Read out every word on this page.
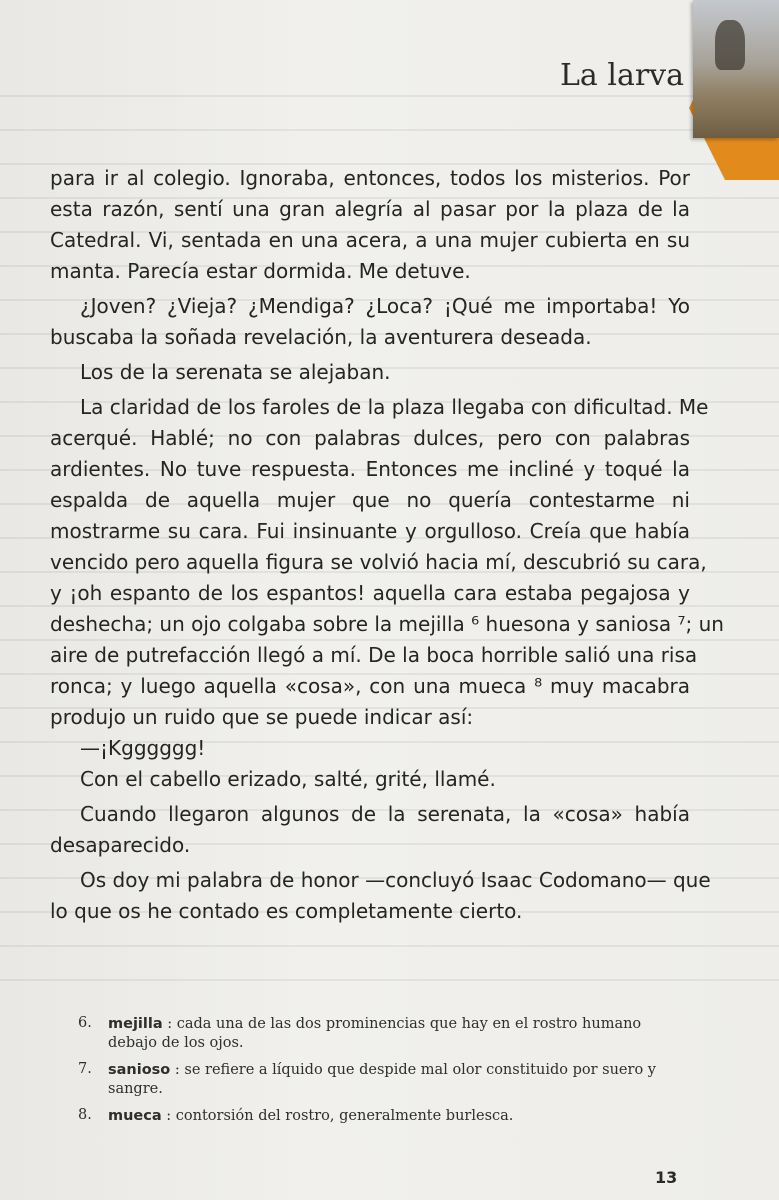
La larva
para ir al colegio. Ignoraba, entonces, todos los misterios. Por
esta razón, sentí una gran alegría al pasar por la plaza de la
Catedral. Vi, sentada en una acera, a una mujer cubierta en su
manta. Parecía estar dormida. Me detuve.
¿Joven? ¿Vieja? ¿Mendiga? ¿Loca? ¡Qué me importaba! Yo
buscaba la soñada revelación, la aventurera deseada.
Los de la serenata se alejaban.
La claridad de los faroles de la plaza llegaba con dificultad. Me
acerqué. Hablé; no con palabras dulces, pero con palabras
ardientes. No tuve respuesta. Entonces me incliné y toqué la
espalda de aquella mujer que no quería contestarme ni
mostrarme su cara. Fui insinuante y orgulloso. Creía que había
vencido pero aquella figura se volvió hacia mí, descubrió su cara,
y ¡oh espanto de los espantos! aquella cara estaba pegajosa y
deshecha; un ojo colgaba sobre la mejilla ⁶ huesona y saniosa ⁷; un
aire de putrefacción llegó a mí. De la boca horrible salió una risa
ronca; y luego aquella «cosa», con una mueca ⁸ muy macabra
produjo un ruido que se puede indicar así:
—¡Kgggggg!
Con el cabello erizado, salté, grité, llamé.
Cuando llegaron algunos de la serenata, la «cosa» había
desaparecido.
Os doy mi palabra de honor —concluyó Isaac Codomano— que
lo que os he contado es completamente cierto.
6.	mejilla : cada una de las dos prominencias que hay en el rostro humano debajo de los ojos.
7.	sanioso : se refiere a líquido que despide mal olor constituido por suero y sangre.
8.	mueca : contorsión del rostro, generalmente burlesca.
13
